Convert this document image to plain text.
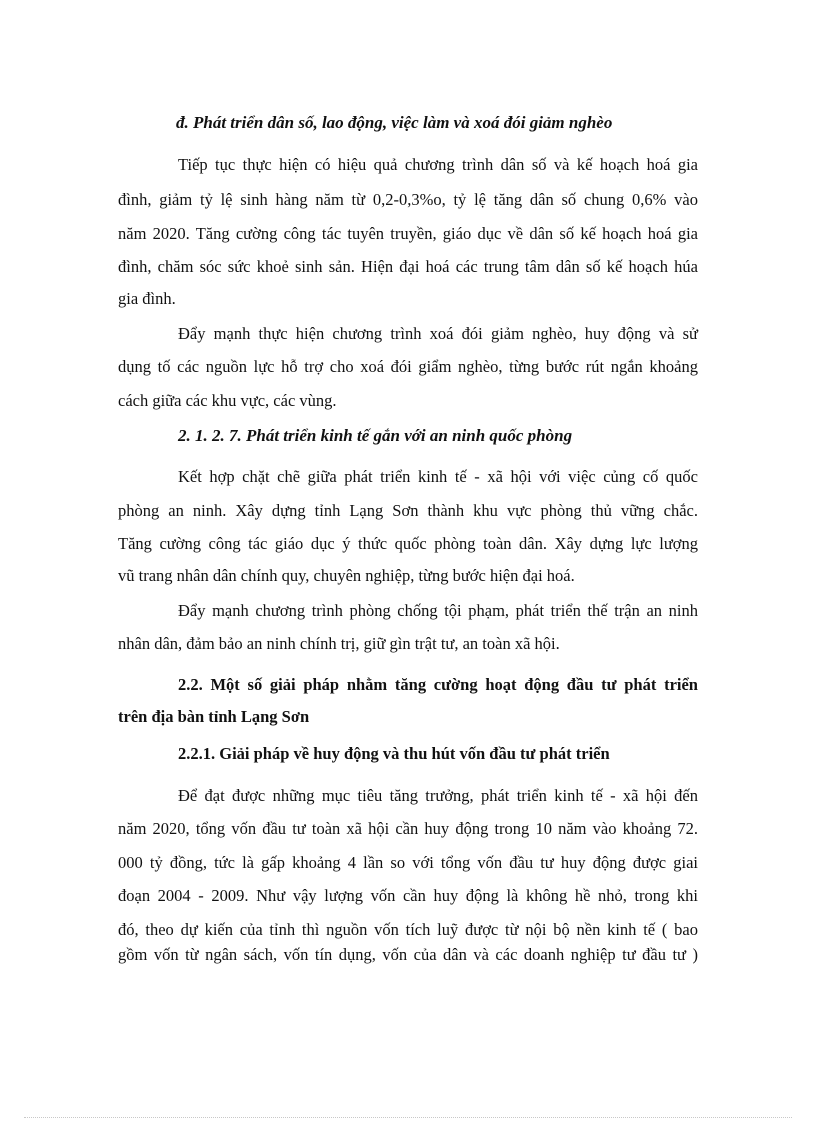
đ. Phát triển dân số, lao động, việc làm và xoá đói giảm nghèo
Tiếp tục thực hiện có hiệu quả chương trình dân số và kế hoạch hoá gia
đình, giảm tỷ lệ sinh hàng năm từ 0,2-0,3%o, tỷ lệ tăng dân số chung 0,6% vào
năm 2020. Tăng cường công tác tuyên truyền, giáo dục về dân số kế hoạch hoá gia
đình, chăm sóc sức khoẻ sinh sản. Hiện đại hoá các trung tâm dân số kế hoạch húa
gia đình.
Đẩy mạnh thực hiện chương trình xoá đói giảm nghèo, huy động và sử
dụng tố các nguồn lực hỗ trợ cho xoá đói giẩm nghèo, từng bước rút ngắn khoảng
cách giữa các khu vực, các vùng.
2. 1. 2. 7. Phát triển kinh tế gắn với an ninh quốc phòng
Kết hợp chặt chẽ giữa phát triển kinh tế - xã hội với việc củng cố quốc
phòng an ninh. Xây dựng tỉnh Lạng Sơn thành khu vực phòng thủ vững chắc.
Tăng cường công tác giáo dục ý thức quốc phòng toàn dân. Xây dựng lực lượng
vũ trang nhân dân chính quy, chuyên nghiệp, từng bước hiện đại hoá.
Đẩy mạnh chương trình phòng chống tội phạm, phát triển thế trận an ninh
nhân dân, đảm bảo an ninh chính trị, giữ gìn trật tư, an toàn xã hội.
2.2. Một số giải pháp nhằm tăng cường hoạt động đầu tư phát triển
trên địa bàn tỉnh Lạng Sơn
2.2.1. Giải pháp về huy động và thu hút vốn đầu tư phát triển
Để đạt được những mục tiêu tăng trưởng, phát triển kinh tế - xã hội đến
năm 2020, tổng vốn đầu tư toàn xã hội cần huy động trong 10 năm vào khoảng 72.
000 tỷ đồng, tức là gấp khoảng 4 lần so với tổng vốn đầu tư huy động được giai
đoạn 2004 - 2009. Như vậy lượng vốn cần huy động là không hề nhỏ, trong khi
đó, theo dự kiến của tỉnh thì nguồn vốn tích luỹ được từ nội bộ nền kinh tế ( bao
gồm vốn từ ngân sách, vốn tín dụng, vốn của dân và các doanh nghiệp tư đầu tư )
